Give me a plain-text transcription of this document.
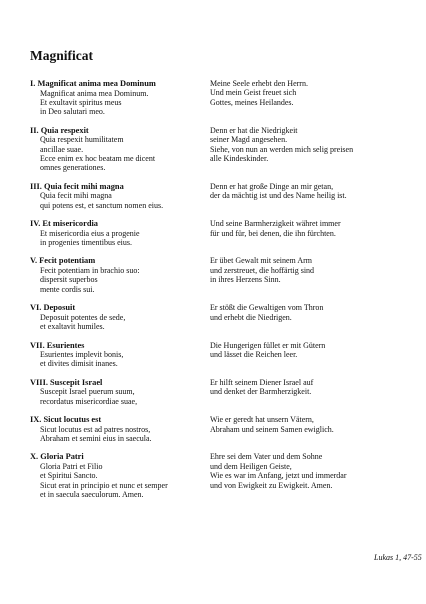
Magnificat
I. Magnificat anima mea Dominum
Magnificat anima mea Dominum.
Et exultavit spiritus meus
in Deo salutari meo.
Meine Seele erhebt den Herrn.
Und mein Geist freuet sich
Gottes, meines Heilandes.
II. Quia respexit
Quia respexit humilitatem
ancillae suae.
Ecce enim ex hoc beatam me dicent
omnes generationes.
Denn er hat die Niedrigkeit
seiner Magd angesehen.
Siehe, von nun an werden mich selig preisen
alle Kindeskinder.
III. Quia fecit mihi magna
Quia fecit mihi magna
qui potens est, et sanctum nomen eius.
Denn er hat große Dinge an mir getan,
der da mächtig ist und des Name heilig ist.
IV. Et misericordia
Et misericordia eius a progenie
in progenies timentibus eius.
Und seine Barmherzigkeit währet immer
für und für, bei denen, die ihn fürchten.
V. Fecit potentiam
Fecit potentiam in brachio suo:
dispersit superbos
mente cordis sui.
Er übet Gewalt mit seinem Arm
und zerstreuet, die hoffärtig sind
in ihres Herzens Sinn.
VI. Deposuit
Deposuit potentes de sede,
et exaltavit humiles.
Er stößt die Gewaltigen vom Thron
und erhebt die Niedrigen.
VII. Esurientes
Esurientes implevit bonis,
et divites dimisit inanes.
Die Hungerigen füllet er mit Gütern
und lässet die Reichen leer.
VIII. Suscepit Israel
Suscepit Israel puerum suum,
recordatus misericordiae suae,
Er hilft seinem Diener Israel auf
und denket der Barmherzigkeit.
IX. Sicut locutus est
Sicut locutus est ad patres nostros,
Abraham et semini eius in saecula.
Wie er geredt hat unsern Vätern,
Abraham und seinem Samen ewiglich.
X. Gloria Patri
Gloria Patri et Filio
et Spiritui Sancto.
Sicut erat in principio et nunc et semper
et in saecula saeculorum. Amen.
Ehre sei dem Vater und dem Sohne
und dem Heiligen Geiste,
Wie es war im Anfang, jetzt und immerdar
und von Ewigkeit zu Ewigkeit. Amen.
Lukas 1, 47-55
